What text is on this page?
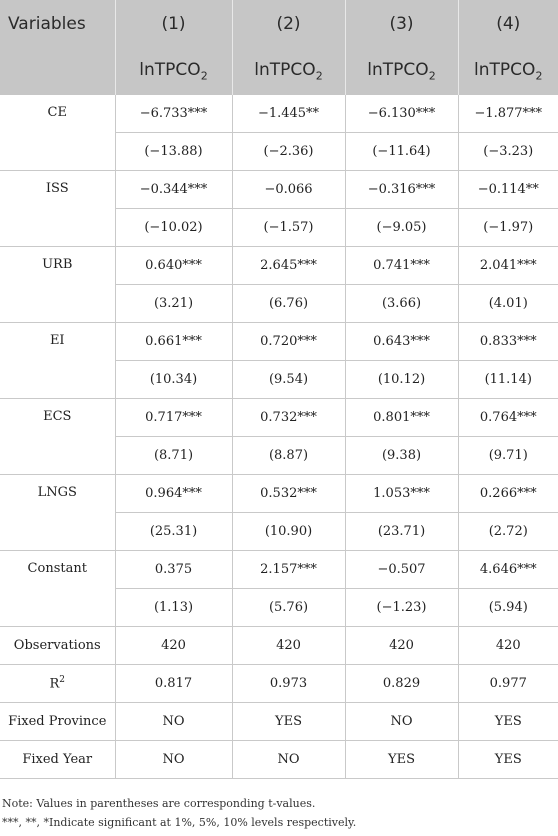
Variables	(1)	(2)	(3)	(4)
	lnTPCO$_2$	lnTPCO$_2$	lnTPCO$_2$	lnTPCO$_2$
CE	−6.733***	−1.445**	−6.130***	−1.877***
	(−13.88)	(−2.36)	(−11.64)	(−3.23)
ISS	−0.344***	−0.066	−0.316***	−0.114**
	(−10.02)	(−1.57)	(−9.05)	(−1.97)
URB	0.640***	2.645***	0.741***	2.041***
	(3.21)	(6.76)	(3.66)	(4.01)
EI	0.661***	0.720***	0.643***	0.833***
	(10.34)	(9.54)	(10.12)	(11.14)
ECS	0.717***	0.732***	0.801***	0.764***
	(8.71)	(8.87)	(9.38)	(9.71)
LNGS	0.964***	0.532***	1.053***	0.266***
	(25.31)	(10.90)	(23.71)	(2.72)
Constant	0.375	2.157***	−0.507	4.646***
	(1.13)	(5.76)	(−1.23)	(5.94)
Observations	420	420	420	420
$R^2$	0.817	0.973	0.829	0.977
Fixed Province	NO	YES	NO	YES
Fixed Year	NO	NO	YES	YES
Note: Values in parentheses are corresponding t-values.
***, **, *Indicate significant at 1%, 5%, 10% levels respectively.
